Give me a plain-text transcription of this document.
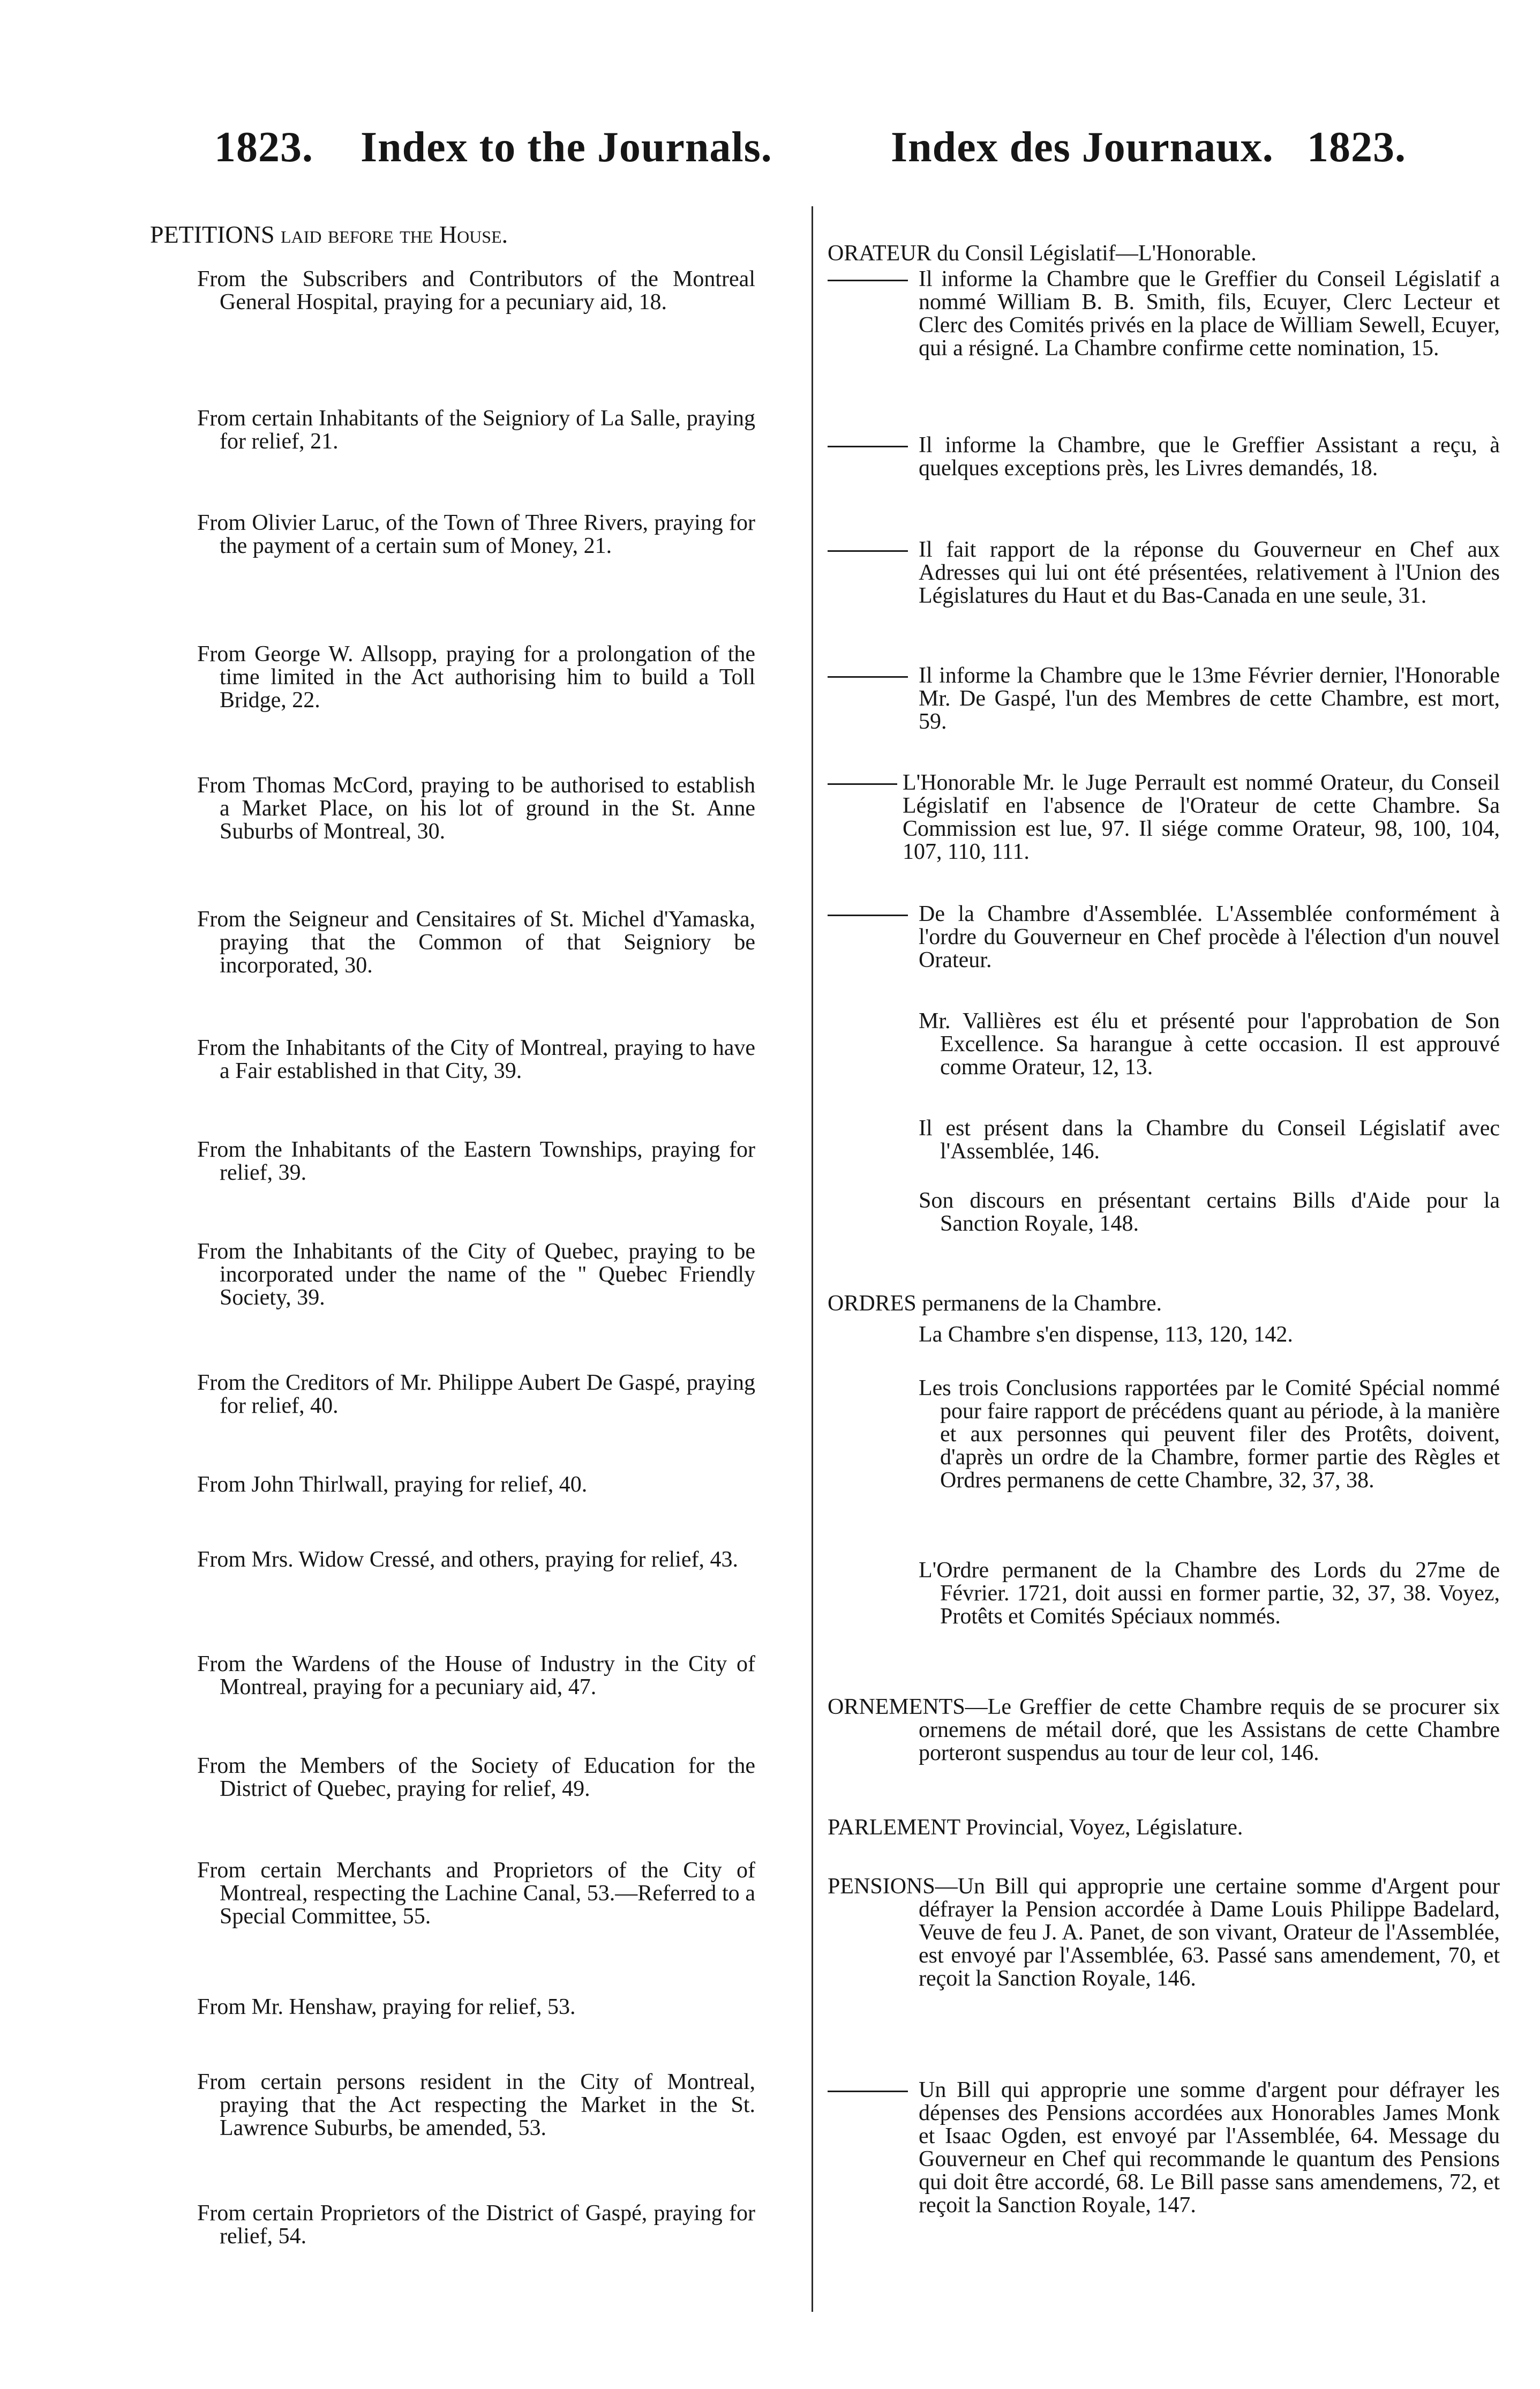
1823. Index to the Journals.	Index des Journaux. 1823.

PETITIONS laid before the House.

From the Subscribers and Contributors of the Montreal General Hospital, praying for a pecuniary aid, 18.

From certain Inhabitants of the Seigniory of La Salle, praying for relief, 21.

From Olivier Laruc, of the Town of Three Rivers, praying for the payment of a certain sum of Money, 21.

From George W. Allsopp, praying for a prolongation of the time limited in the Act authorising him to build a Toll Bridge, 22.

From Thomas McCord, praying to be authorised to establish a Market Place, on his lot of ground in the St. Anne Suburbs of Montreal, 30.

From the Seigneur and Censitaires of St. Michel d'Yamaska, praying that the Common of that Seigniory be incorporated, 30.

From the Inhabitants of the City of Montreal, praying to have a Fair established in that City, 39.

From the Inhabitants of the Eastern Townships, praying for relief, 39.

From the Inhabitants of the City of Quebec, praying to be incorporated under the name of the " Quebec Friendly Society, 39.

From the Creditors of Mr. Philippe Aubert De Gaspé, praying for relief, 40.

From John Thirlwall, praying for relief, 40.

From Mrs. Widow Cressé, and others, praying for relief, 43.

From the Wardens of the House of Industry in the City of Montreal, praying for a pecuniary aid, 47.

From the Members of the Society of Education for the District of Quebec, praying for relief, 49.

From certain Merchants and Proprietors of the City of Montreal, respecting the Lachine Canal, 53.—Referred to a Special Committee, 55.

From Mr. Henshaw, praying for relief, 53.

From certain persons resident in the City of Montreal, praying that the Act respecting the Market in the St. Lawrence Suburbs, be amended, 53.

From certain Proprietors of the District of Gaspé, praying for relief, 54.

ORATEUR du Consil Législatif—L'Honorable.

Il informe la Chambre que le Greffier du Conseil Législatif a nommé William B. B. Smith, fils, Ecuyer, Clerc Lecteur et Clerc des Comités privés en la place de William Sewell, Ecuyer, qui a résigné. La Chambre confirme cette nomination, 15.

Il informe la Chambre, que le Greffier Assistant a reçu, à quelques exceptions près, les Livres demandés, 18.

Il fait rapport de la réponse du Gouverneur en Chef aux Adresses qui lui ont été présentées, relativement à l'Union des Législatures du Haut et du Bas-Canada en une seule, 31.

Il informe la Chambre que le 13me Février dernier, l'Honorable Mr. De Gaspé, l'un des Membres de cette Chambre, est mort, 59.

L'Honorable Mr. le Juge Perrault est nommé Orateur, du Conseil Législatif en l'absence de l'Orateur de cette Chambre. Sa Commission est lue, 97. Il siége comme Orateur, 98, 100, 104, 107, 110, 111.

De la Chambre d'Assemblée. L'Assemblée conformément à l'ordre du Gouverneur en Chef procède à l'élection d'un nouvel Orateur.

Mr. Vallières est élu et présenté pour l'approbation de Son Excellence. Sa harangue à cette occasion. Il est approuvé comme Orateur, 12, 13.

Il est présent dans la Chambre du Conseil Législatif avec l'Assemblée, 146.

Son discours en présentant certains Bills d'Aide pour la Sanction Royale, 148.

ORDRES permanens de la Chambre.

La Chambre s'en dispense, 113, 120, 142.

Les trois Conclusions rapportées par le Comité Spécial nommé pour faire rapport de précédens quant au période, à la manière et aux personnes qui peuvent filer des Protêts, doivent, d'après un ordre de la Chambre, former partie des Règles et Ordres permanens de cette Chambre, 32, 37, 38.

L'Ordre permanent de la Chambre des Lords du 27me de Février. 1721, doit aussi en former partie, 32, 37, 38. Voyez, Protêts et Comités Spéciaux nommés.

ORNEMENTS—Le Greffier de cette Chambre requis de se procurer six ornemens de métail doré, que les Assistans de cette Chambre porteront suspendus au tour de leur col, 146.

PARLEMENT Provincial, Voyez, Législature.

PENSIONS—Un Bill qui approprie une certaine somme d'Argent pour défrayer la Pension accordée à Dame Louis Philippe Badelard, Veuve de feu J. A. Panet, de son vivant, Orateur de l'Assemblée, est envoyé par l'Assemblée, 63. Passé sans amendement, 70, et reçoit la Sanction Royale, 146.

Un Bill qui approprie une somme d'argent pour défrayer les dépenses des Pensions accordées aux Honorables James Monk et Isaac Ogden, est envoyé par l'Assemblée, 64. Message du Gouverneur en Chef qui recommande le quantum des Pensions qui doit être accordé, 68. Le Bill passe sans amendemens, 72, et reçoit la Sanction Royale, 147.
